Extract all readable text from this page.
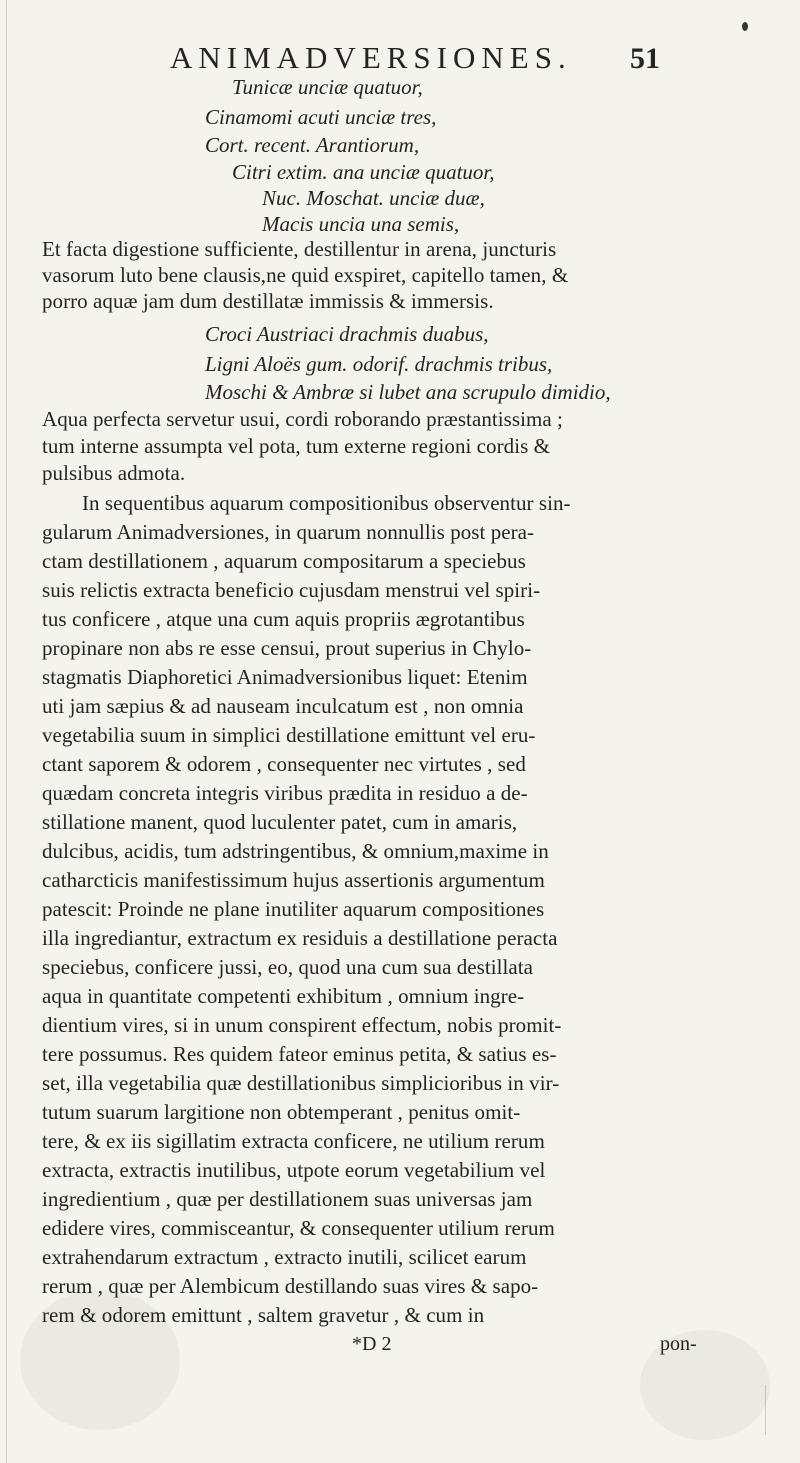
ANIMADVERSIONES.	51
Tunicæ unciæ quatuor,
Cinamomi acuti unciæ tres,
Cort. recent. Arantiorum,
Citri extim. ana unciæ quatuor,
Nuc. Moschat. unciæ duæ,
Macis uncia una semis,
Et facta digestione sufficiente, destillentur in arena, juncturis
vasorum luto bene clausis,ne quid exspiret, capitello tamen, &
porro aquæ jam dum destillatæ immissis & immersis.
Croci Austriaci drachmis duabus,
Ligni Aloës gum. odorif. drachmis tribus,
Moschi & Ambræ si lubet ana scrupulo dimidio,
Aqua perfecta servetur usui, cordi roborando præstantissima ;
tum interne assumpta vel pota, tum externe regioni cordis &
pulsibus admota.
In sequentibus aquarum compositionibus observentur sin-
gularum Animadversiones, in quarum nonnullis post pera-
ctam destillationem , aquarum compositarum a speciebus
suis relictis extracta beneficio cujusdam menstrui vel spiri-
tus conficere , atque una cum aquis propriis ægrotantibus
propinare non abs re esse censui, prout superius in Chylo-
stagmatis Diaphoretici Animadversionibus liquet: Etenim
uti jam sæpius & ad nauseam inculcatum est , non omnia
vegetabilia suum in simplici destillatione emittunt vel eru-
ctant saporem & odorem , consequenter nec virtutes , sed
quædam concreta integris viribus prædita in residuo a de-
stillatione manent, quod luculenter patet, cum in amaris,
dulcibus, acidis, tum adstringentibus, & omnium,maxime in
catharcticis manifestissimum hujus assertionis argumentum
patescit: Proinde ne plane inutiliter aquarum compositiones
illa ingrediantur, extractum ex residuis a destillatione peracta
speciebus, conficere jussi, eo, quod una cum sua destillata
aqua in quantitate competenti exhibitum , omnium ingre-
dientium vires, si in unum conspirent effectum, nobis promit-
tere possumus. Res quidem fateor eminus petita, & satius es-
set, illa vegetabilia quæ destillationibus simplicioribus in vir-
tutum suarum largitione non obtemperant , penitus omit-
tere, & ex iis sigillatim extracta conficere, ne utilium rerum
extracta, extractis inutilibus, utpote eorum vegetabilium vel
ingredientium , quæ per destillationem suas universas jam
edidere vires, commisceantur, & consequenter utilium rerum
extrahendarum extractum , extracto inutili, scilicet earum
rerum , quæ per Alembicum destillando suas vires & sapo-
rem & odorem emittunt , saltem gravetur , & cum in
*D 2	pon-
